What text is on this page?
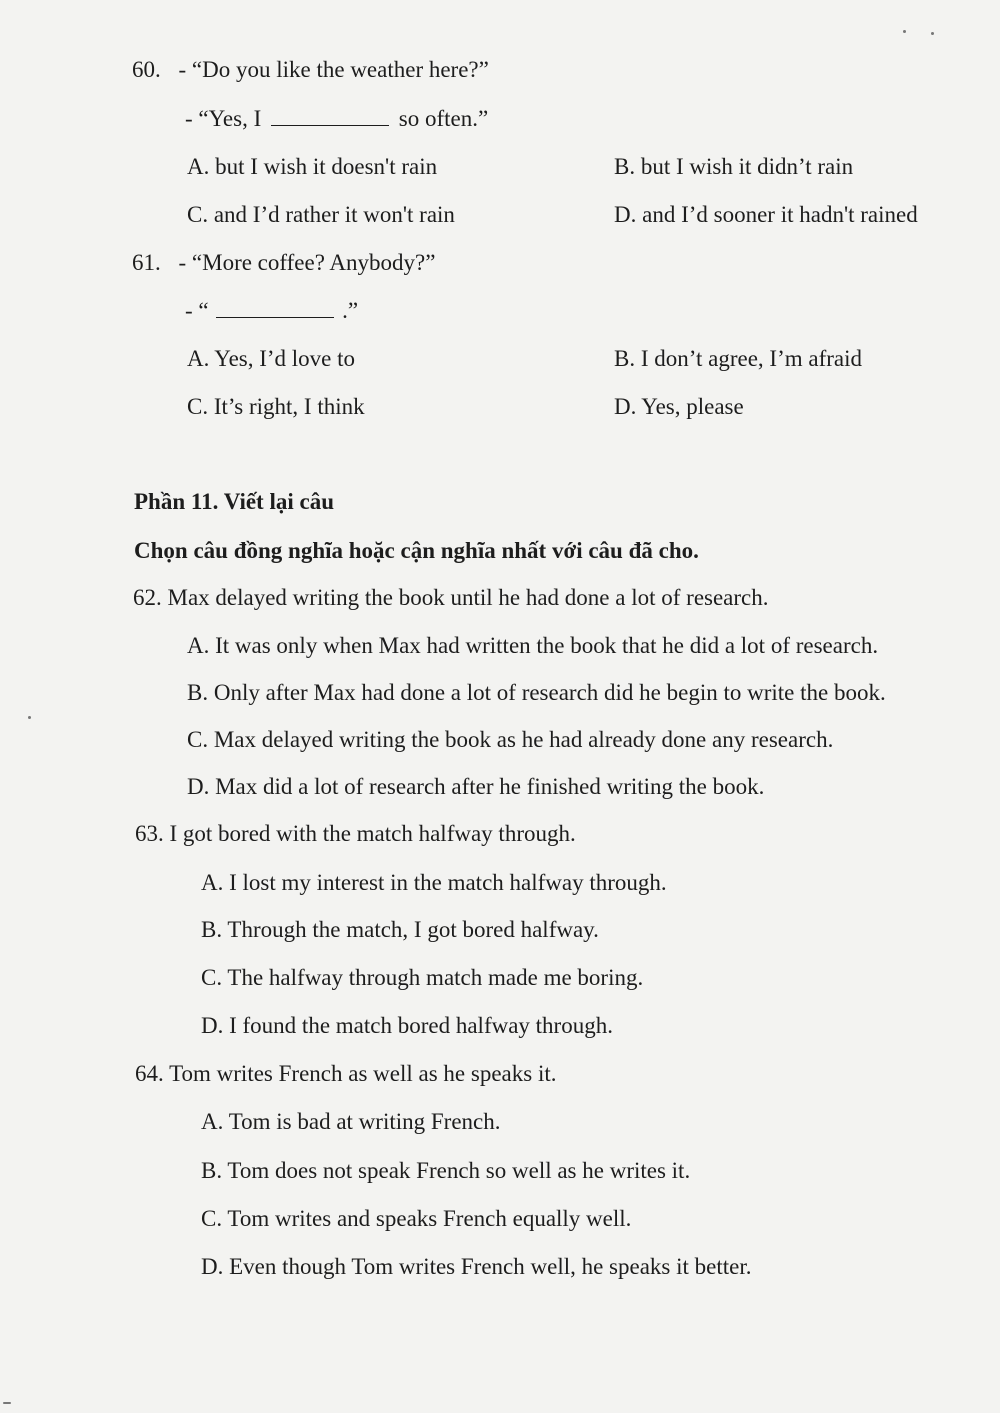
60. - “Do you like the weather here?”
- “Yes, I	so often.”
A. but I wish it doesn't rain	B. but I wish it didn’t rain
C. and I’d rather it won't rain	D. and I’d sooner it hadn't rained
61. - “More coffee? Anybody?”
- “	.”
A. Yes, I’d love to	B. I don’t agree, I’m afraid
C. It’s right, I think	D. Yes, please
Phần 11. Viết lại câu
Chọn câu đồng nghĩa hoặc cận nghĩa nhất với câu đã cho.
62. Max delayed writing the book until he had done a lot of research.
A. It was only when Max had written the book that he did a lot of research.
B. Only after Max had done a lot of research did he begin to write the book.
C. Max delayed writing the book as he had already done any research.
D. Max did a lot of research after he finished writing the book.
63. I got bored with the match halfway through.
A. I lost my interest in the match halfway through.
B. Through the match, I got bored halfway.
C. The halfway through match made me boring.
D. I found the match bored halfway through.
64. Tom writes French as well as he speaks it.
A. Tom is bad at writing French.
B. Tom does not speak French so well as he writes it.
C. Tom writes and speaks French equally well.
D. Even though Tom writes French well, he speaks it better.
